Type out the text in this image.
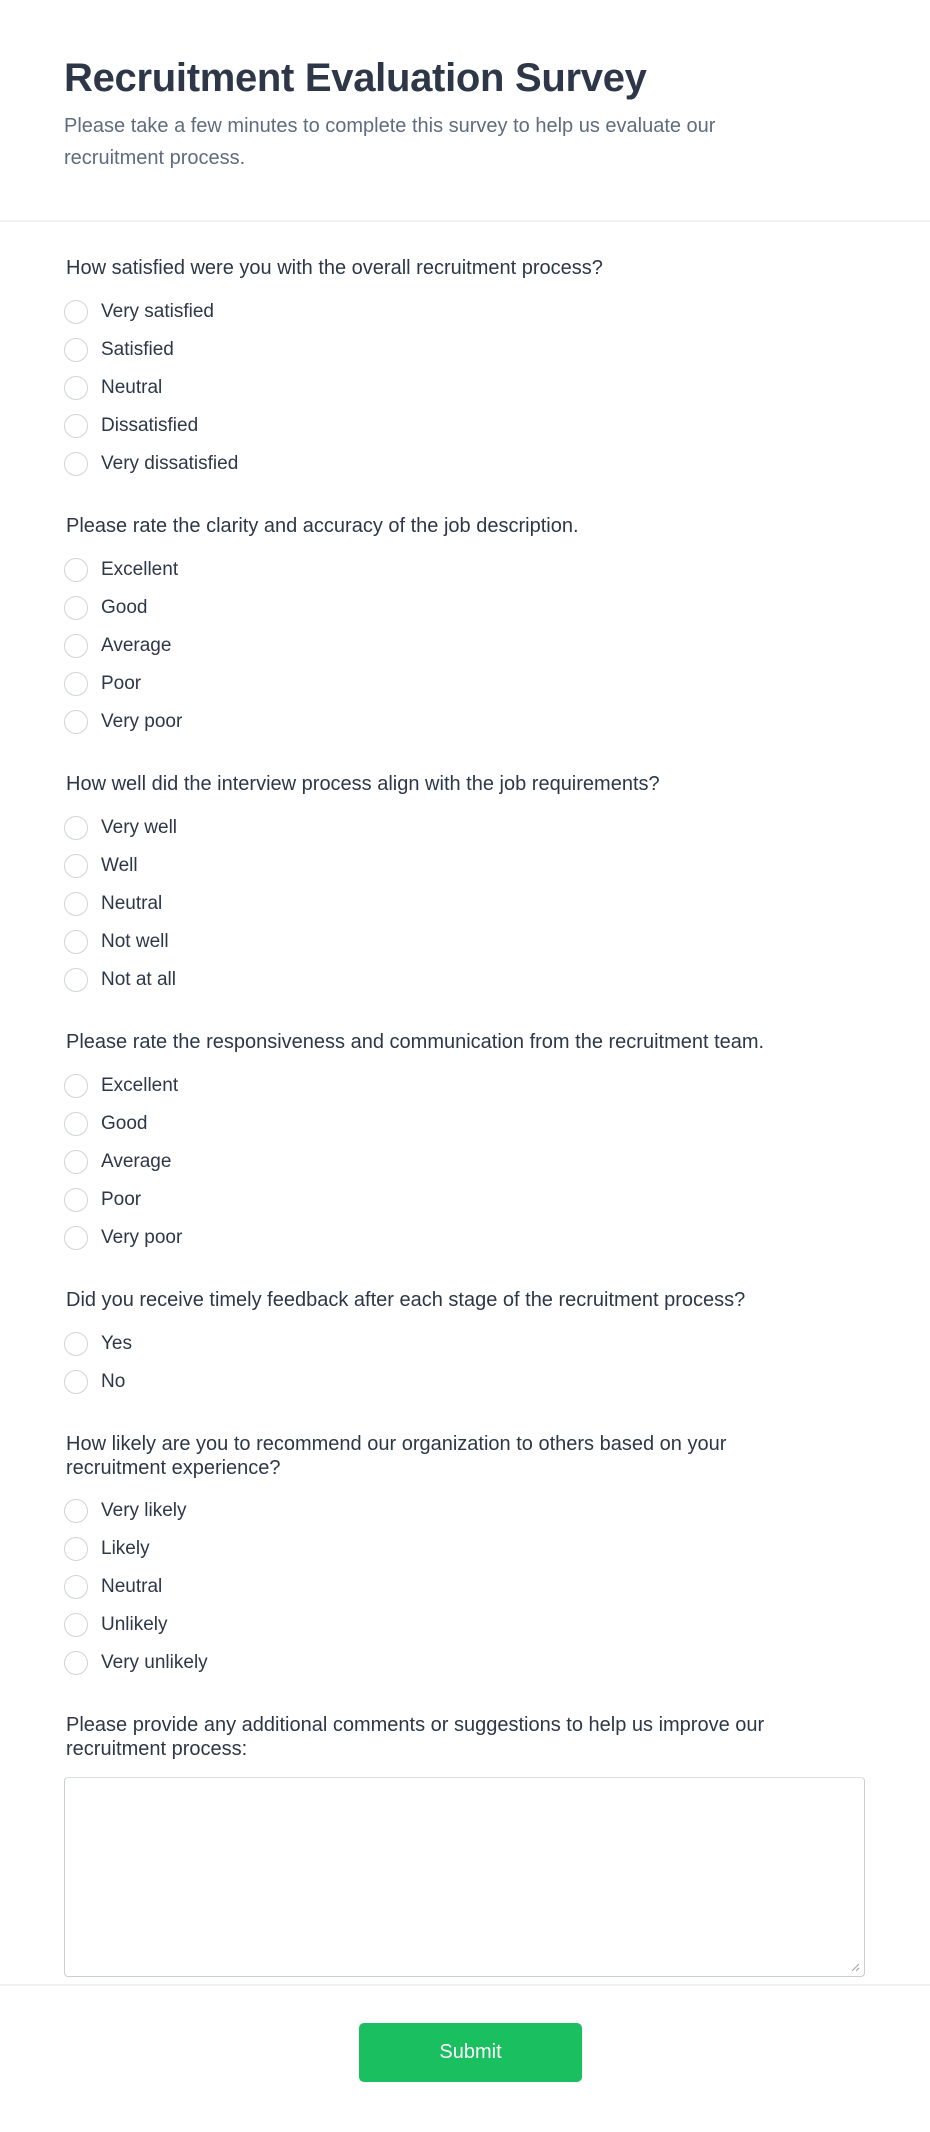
Recruitment Evaluation Survey

Please take a few minutes to complete this survey to help us evaluate our recruitment process.

How satisfied were you with the overall recruitment process?

Very satisfied
Satisfied
Neutral
Dissatisfied
Very dissatisfied

Please rate the clarity and accuracy of the job description.

Excellent
Good
Average
Poor
Very poor

How well did the interview process align with the job requirements?

Very well
Well
Neutral
Not well
Not at all

Please rate the responsiveness and communication from the recruitment team.

Excellent
Good
Average
Poor
Very poor

Did you receive timely feedback after each stage of the recruitment process?

Yes
No

How likely are you to recommend our organization to others based on your recruitment experience?

Very likely
Likely
Neutral
Unlikely
Very unlikely

Please provide any additional comments or suggestions to help us improve our recruitment process:

Submit
